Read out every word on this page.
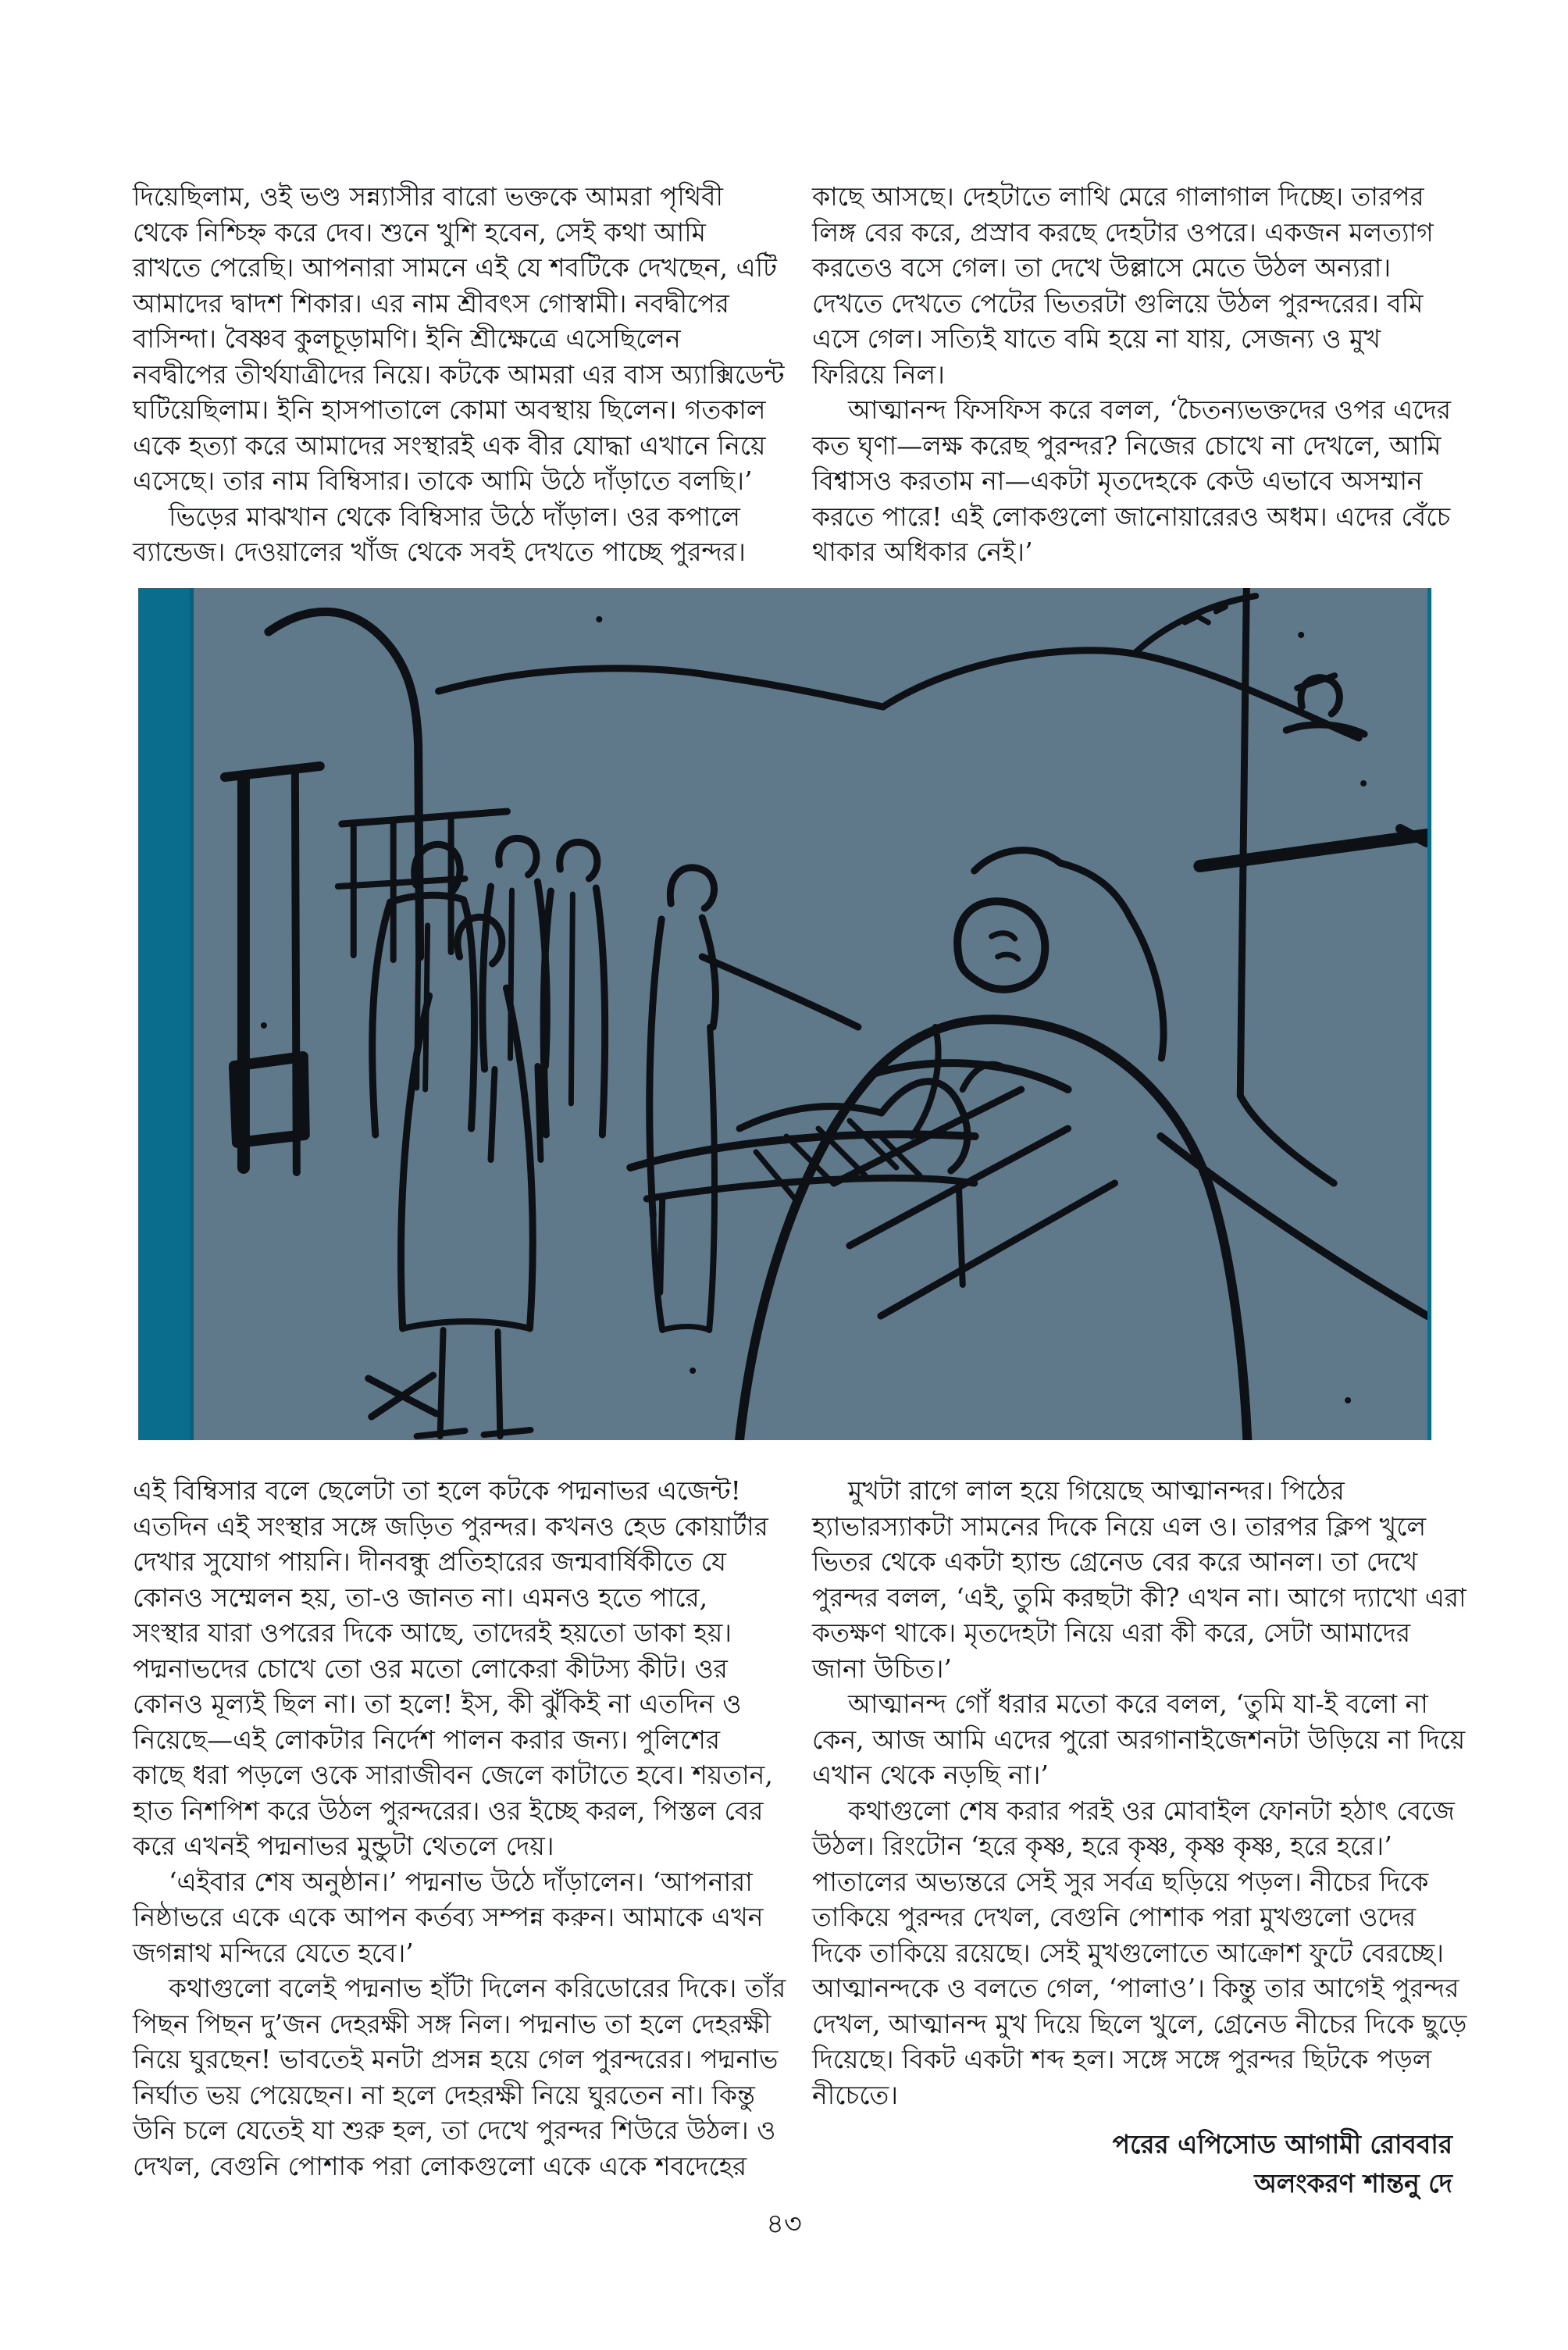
দিয়েছিলাম, ওই ভণ্ড সন্ন্যাসীর বারো ভক্তকে আমরা পৃথিবী
থেকে নিশ্চিহ্ন করে দেব। শুনে খুশি হবেন, সেই কথা আমি
রাখতে পেরেছি। আপনারা সামনে এই যে শবটিকে দেখছেন, এটি
আমাদের দ্বাদশ শিকার। এর নাম শ্রীবৎস গোস্বামী। নবদ্বীপের
বাসিন্দা। বৈষ্ণব কুলচূড়ামণি। ইনি শ্রীক্ষেত্রে এসেছিলেন
নবদ্বীপের তীর্থযাত্রীদের নিয়ে। কটকে আমরা এর বাস অ্যাক্সিডেন্ট
ঘটিয়েছিলাম। ইনি হাসপাতালে কোমা অবস্থায় ছিলেন। গতকাল
একে হত্যা করে আমাদের সংস্থারই এক বীর যোদ্ধা এখানে নিয়ে
এসেছে। তার নাম বিম্বিসার। তাকে আমি উঠে দাঁড়াতে বলছি।’
ভিড়ের মাঝখান থেকে বিম্বিসার উঠে দাঁড়াল। ওর কপালে
ব্যান্ডেজ। দেওয়ালের খাঁজ থেকে সবই দেখতে পাচ্ছে পুরন্দর।
কাছে আসছে। দেহটাতে লাথি মেরে গালাগাল দিচ্ছে। তারপর
লিঙ্গ বের করে, প্রস্রাব করছে দেহটার ওপরে। একজন মলত্যাগ
করতেও বসে গেল। তা দেখে উল্লাসে মেতে উঠল অন্যরা।
দেখতে দেখতে পেটের ভিতরটা গুলিয়ে উঠল পুরন্দরের। বমি
এসে গেল। সত্যিই যাতে বমি হয়ে না যায়, সেজন্য ও মুখ
ফিরিয়ে নিল।
আত্মানন্দ ফিসফিস করে বলল, ‘চৈতন্যভক্তদের ওপর এদের
কত ঘৃণা—লক্ষ করেছ পুরন্দর? নিজের চোখে না দেখলে, আমি
বিশ্বাসও করতাম না—একটা মৃতদেহকে কেউ এভাবে অসম্মান
করতে পারে! এই লোকগুলো জানোয়ারেরও অধম। এদের বেঁচে
থাকার অধিকার নেই।’
এই বিম্বিসার বলে ছেলেটা তা হলে কটকে পদ্মনাভর এজেন্ট!
এতদিন এই সংস্থার সঙ্গে জড়িত পুরন্দর। কখনও হেড কোয়ার্টার
দেখার সুযোগ পায়নি। দীনবন্ধু প্রতিহারের জন্মবার্ষিকীতে যে
কোনও সম্মেলন হয়, তা-ও জানত না। এমনও হতে পারে,
সংস্থার যারা ওপরের দিকে আছে, তাদেরই হয়তো ডাকা হয়।
পদ্মনাভদের চোখে তো ওর মতো লোকেরা কীটস্য কীট। ওর
কোনও মূল্যই ছিল না। তা হলে! ইস, কী ঝুঁকিই না এতদিন ও
নিয়েছে—এই লোকটার নির্দেশ পালন করার জন্য। পুলিশের
কাছে ধরা পড়লে ওকে সারাজীবন জেলে কাটাতে হবে। শয়তান,
হাত নিশপিশ করে উঠল পুরন্দরের। ওর ইচ্ছে করল, পিস্তল বের
করে এখনই পদ্মনাভর মুন্ডুটা থেতলে দেয়।
‘এইবার শেষ অনুষ্ঠান।’ পদ্মনাভ উঠে দাঁড়ালেন। ‘আপনারা
নিষ্ঠাভরে একে একে আপন কর্তব্য সম্পন্ন করুন। আমাকে এখন
জগন্নাথ মন্দিরে যেতে হবে।’
কথাগুলো বলেই পদ্মনাভ হাঁটা দিলেন করিডোরের দিকে। তাঁর
পিছন পিছন দু’জন দেহরক্ষী সঙ্গ নিল। পদ্মনাভ তা হলে দেহরক্ষী
নিয়ে ঘুরছেন! ভাবতেই মনটা প্রসন্ন হয়ে গেল পুরন্দরের। পদ্মনাভ
নির্ঘাত ভয় পেয়েছেন। না হলে দেহরক্ষী নিয়ে ঘুরতেন না। কিন্তু
উনি চলে যেতেই যা শুরু হল, তা দেখে পুরন্দর শিউরে উঠল। ও
দেখল, বেগুনি পোশাক পরা লোকগুলো একে একে শবদেহের
মুখটা রাগে লাল হয়ে গিয়েছে আত্মানন্দর। পিঠের
হ্যাভারস্যাকটা সামনের দিকে নিয়ে এল ও। তারপর ক্লিপ খুলে
ভিতর থেকে একটা হ্যান্ড গ্রেনেড বের করে আনল। তা দেখে
পুরন্দর বলল, ‘এই, তুমি করছটা কী? এখন না। আগে দ্যাখো এরা
কতক্ষণ থাকে। মৃতদেহটা নিয়ে এরা কী করে, সেটা আমাদের
জানা উচিত।’
আত্মানন্দ গোঁ ধরার মতো করে বলল, ‘তুমি যা-ই বলো না
কেন, আজ আমি এদের পুরো অরগানাইজেশনটা উড়িয়ে না দিয়ে
এখান থেকে নড়ছি না।’
কথাগুলো শেষ করার পরই ওর মোবাইল ফোনটা হঠাৎ বেজে
উঠল। রিংটোন ‘হরে কৃষ্ণ, হরে কৃষ্ণ, কৃষ্ণ কৃষ্ণ, হরে হরে।’
পাতালের অভ্যন্তরে সেই সুর সর্বত্র ছড়িয়ে পড়ল। নীচের দিকে
তাকিয়ে পুরন্দর দেখল, বেগুনি পোশাক পরা মুখগুলো ওদের
দিকে তাকিয়ে রয়েছে। সেই মুখগুলোতে আক্রোশ ফুটে বেরচ্ছে।
আত্মানন্দকে ও বলতে গেল, ‘পালাও’। কিন্তু তার আগেই পুরন্দর
দেখল, আত্মানন্দ মুখ দিয়ে ছিলে খুলে, গ্রেনেড নীচের দিকে ছুড়ে
দিয়েছে। বিকট একটা শব্দ হল। সঙ্গে সঙ্গে পুরন্দর ছিটকে পড়ল
নীচেতে।
পরের এপিসোড আগামী রোববার
অলংকরণ শান্তনু দে
৪৩
